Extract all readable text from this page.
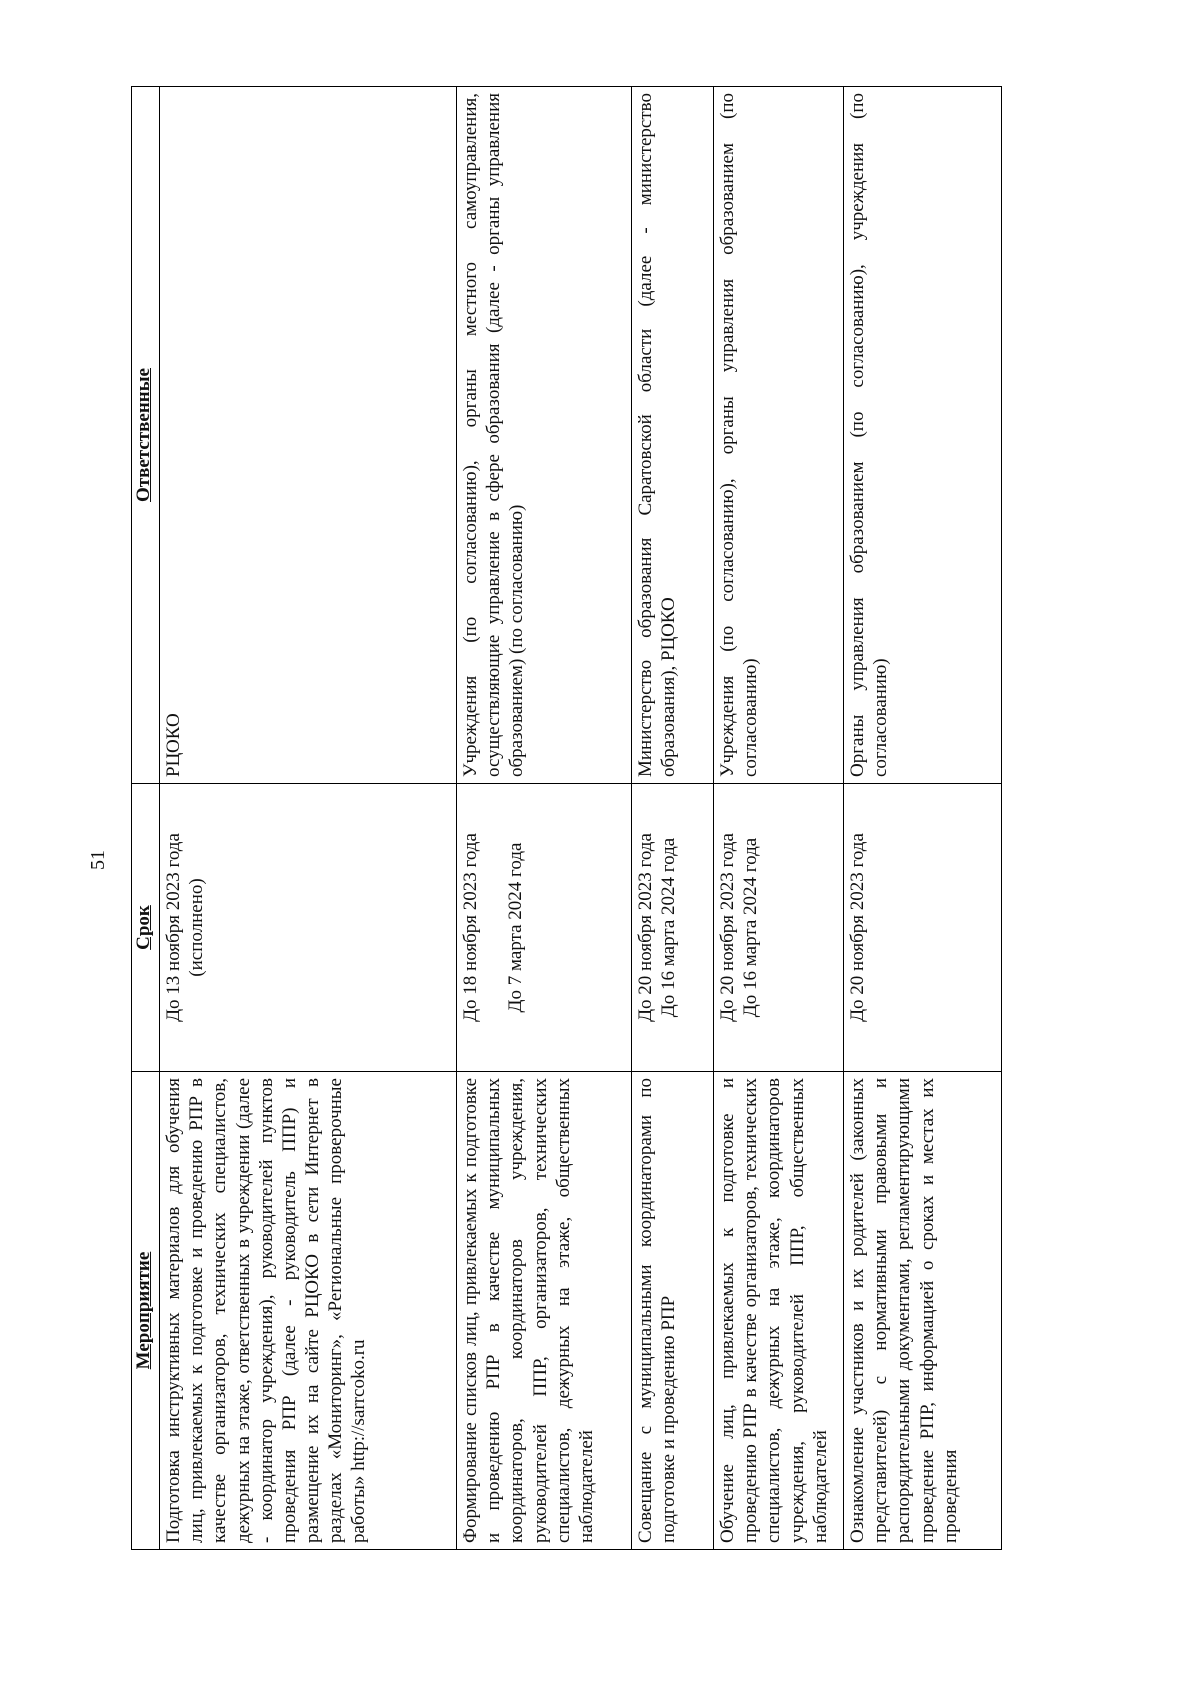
51
Мероприятие	Срок	Ответственные
Подготовка инструктивных материалов для обучения лиц, привлекаемых к подготовке и проведению РПР в качестве организаторов, технических специалистов, дежурных на этаже, ответственных в учреждении (далее - координатор учреждения), руководителей пунктов проведения РПР (далее - руководитель ППР) и размещение их на сайте РЦОКО в сети Интернет в разделах «Мониторинг», «Региональные проверочные работы» http://sarrcoko.ru	До 13 ноября 2023 года (исполнено)	РЦОКО
Формирование списков лиц, привлекаемых к подготовке и проведению РПР в качестве муниципальных координаторов, координаторов учреждения, руководителей ППР, организаторов, технических специалистов, дежурных на этаже, общественных наблюдателей	До 18 ноября 2023 года До 7 марта 2024 года	Учреждения (по согласованию), органы местного самоуправления, осуществляющие управление в сфере образования (далее - органы управления образованием) (по согласованию)
Совещание с муниципальными координаторами по подготовке и проведению РПР	До 20 ноября 2023 года До 16 марта 2024 года	Министерство образования Саратовской области (далее - министерство образования), РЦОКО
Обучение лиц, привлекаемых к подготовке и проведению РПР в качестве организаторов, технических специалистов, дежурных на этаже, координаторов учреждения, руководителей ППР, общественных наблюдателей	До 20 ноября 2023 года До 16 марта 2024 года	Учреждения (по согласованию), органы управления образованием (по согласованию)
Ознакомление участников и их родителей (законных представителей) с нормативными правовыми и распорядительными документами, регламентирующими проведение РПР, информацией о сроках и местах их проведения	До 20 ноября 2023 года	Органы управления образованием (по согласованию), учреждения (по согласованию)
